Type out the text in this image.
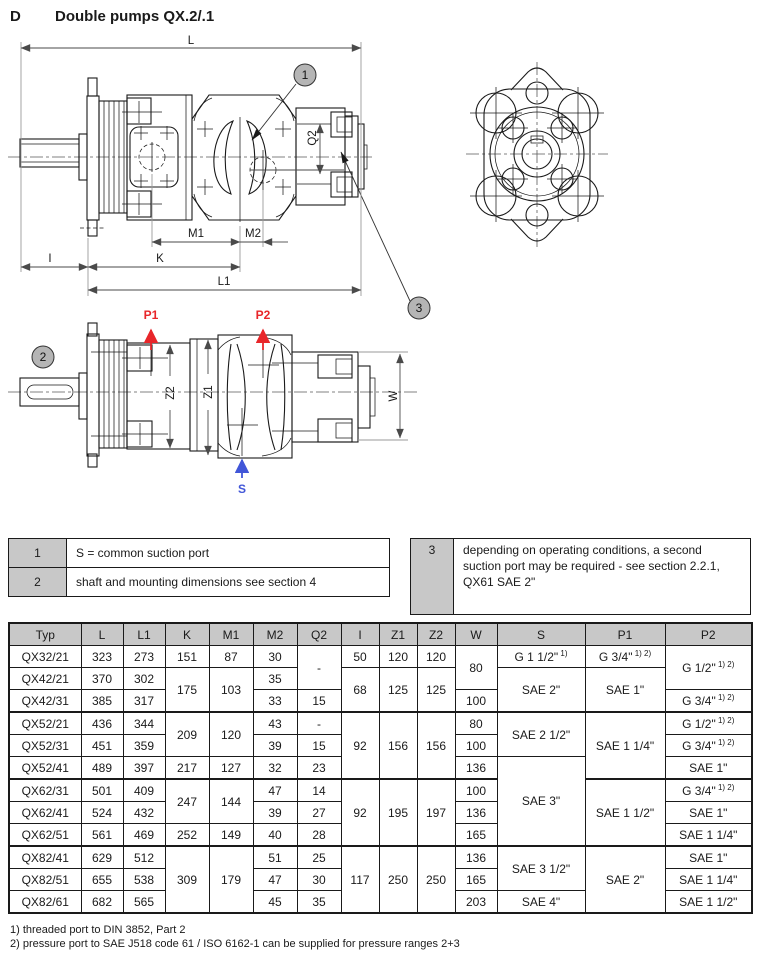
D Double pumps QX.2/.1
Q2
1
3
L
M1	M2
I	K
L1
2
Z2 Z1	W
P1	P2
S
1	S = common suction port
2	shaft and mounting dimensions see section 4
3	depending on operating conditions, a second suction port may be required - see section 2.2.1, QX61 SAE 2"
Typ	L	L1	K	M1	M2	Q2	I	Z1	Z2	W	S	P1	P2
QX32/21	323	273	151	87	30	-	50	120	120	80	G 1 1/2" $^{1)}$	G 3/4" $^{1) 2)}$	G 1/2" $^{1) 2)}$
QX42/21	370	302	175	103	35		68	125	125		SAE 2"	SAE 1"	
QX42/31	385	317			33	15				100			G 3/4" $^{1) 2)}$
QX52/21	436	344	209	120	43	-	92	156	156	80	SAE 2 1/2"	SAE 1 1/4"	G 1/2" $^{1) 2)}$
QX52/31	451	359			39	15				100			G 3/4" $^{1) 2)}$
QX52/41	489	397	217	127	32	23				136	SAE 3"		SAE 1"
QX62/31	501	409	247	144	47	14	92	195	197	100		SAE 1 1/2"	G 3/4" $^{1) 2)}$
QX62/41	524	432			39	27				136			SAE 1"
QX62/51	561	469	252	149	40	28				165			SAE 1 1/4"
QX82/41	629	512	309	179	51	25	117	250	250	136	SAE 3 1/2"	SAE 2"	SAE 1"
QX82/51	655	538			47	30				165			SAE 1 1/4"
QX82/61	682	565			45	35				203	SAE 4"		SAE 1 1/2"
1) threaded port to DIN 3852, Part 2
2) pressure port to SAE J518 code 61 / ISO 6162-1 can be supplied for pressure ranges 2+3
